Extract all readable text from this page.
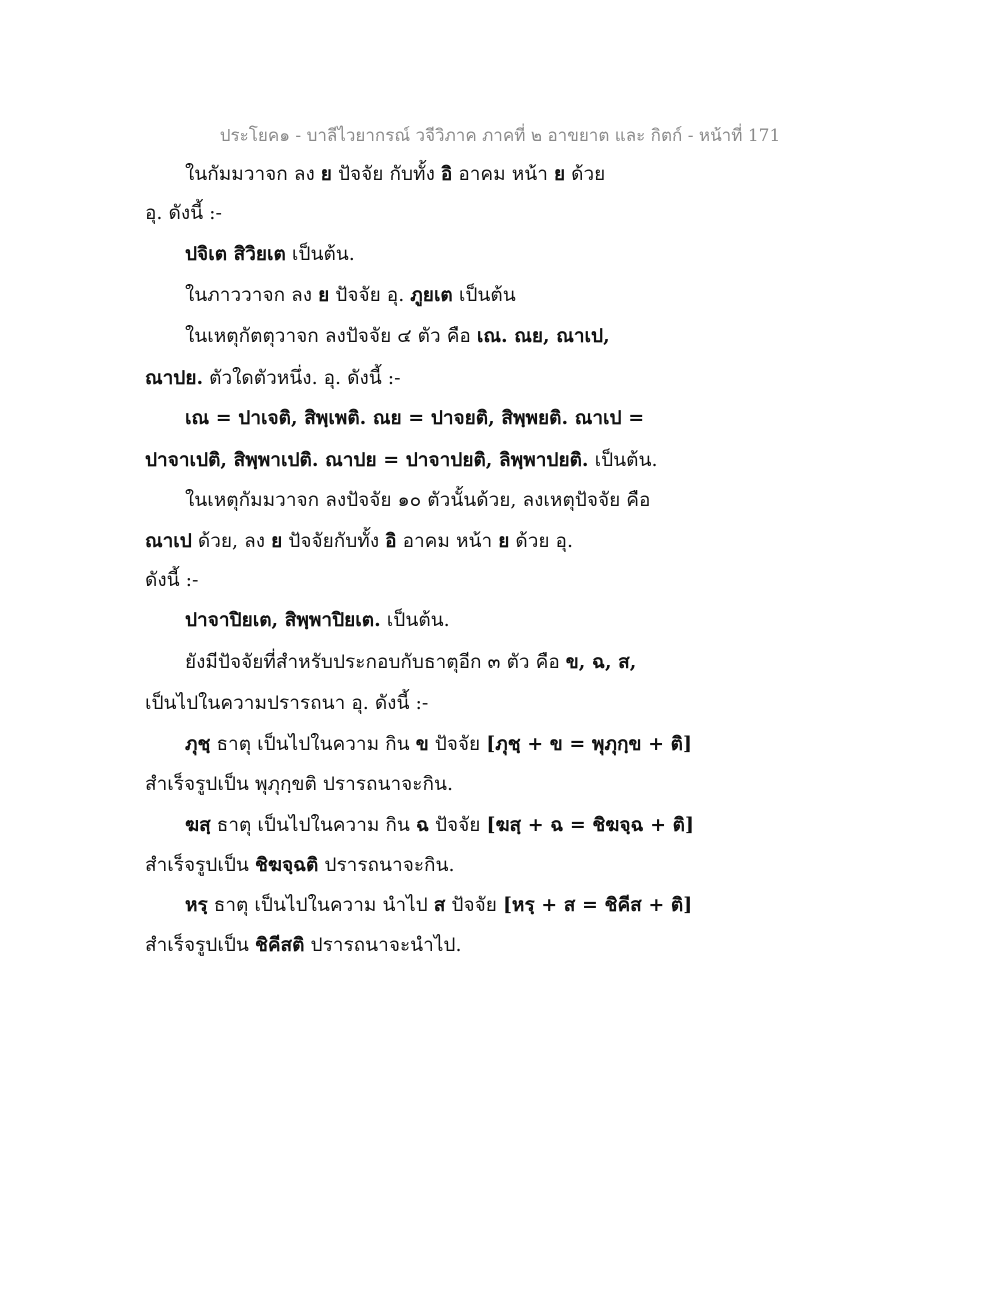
ประโยค๑ - บาลีไวยากรณ์ วจีวิภาค ภาคที่ ๒ อาขยาต และ กิตก์ - หน้าที่ 171
ในกัมมวาจก ลง ย ปัจจัย กับทั้ง อิ อาคม หน้า ย ด้วย
อุ. ดังนี้ :-
ปจิเต สิวิยเต เป็นต้น.
ในภาววาจก ลง ย ปัจจัย อุ. ภูยเต เป็นต้น
ในเหตุกัตตุวาจก ลงปัจจัย ๔ ตัว คือ เณ. ณย, ณาเป,
ณาปย. ตัวใดตัวหนึ่ง. อุ. ดังนี้ :-
เณ = ปาเจติ, สิพฺเพติ. ณย = ปาจยติ, สิพฺพยติ. ณาเป =
ปาจาเปติ, สิพฺพาเปติ. ณาปย = ปาจาปยติ, ลิพฺพาปยติ. เป็นต้น.
ในเหตุกัมมวาจก ลงปัจจัย ๑๐ ตัวนั้นด้วย, ลงเหตุปัจจัย คือ
ณาเป ด้วย, ลง ย ปัจจัยกับทั้ง อิ อาคม หน้า ย ด้วย อุ.
ดังนี้ :-
ปาจาปิยเต, สิพฺพาปิยเต. เป็นต้น.
ยังมีปัจจัยที่สำหรับประกอบกับธาตุอีก ๓ ตัว คือ ข, ฉ, ส,
เป็นไปในความปรารถนา อุ. ดังนี้ :-
ภุชฺ ธาตุ เป็นไปในความ กิน ข ปัจจัย [ภุชฺ + ข = พุภุกฺข + ติ]
สำเร็จรูปเป็น พุภุกฺขติ ปรารถนาจะกิน.
ฆสฺ ธาตุ เป็นไปในความ กิน ฉ ปัจจัย [ฆสฺ + ฉ = ชิฆจฺฉ + ติ]
สำเร็จรูปเป็น ชิฆจฺฉติ ปรารถนาจะกิน.
หรฺ ธาตุ เป็นไปในความ นำไป ส ปัจจัย [หรฺ + ส = ชิคีส + ติ]
สำเร็จรูปเป็น ชิคีสติ ปรารถนาจะนำไป.
